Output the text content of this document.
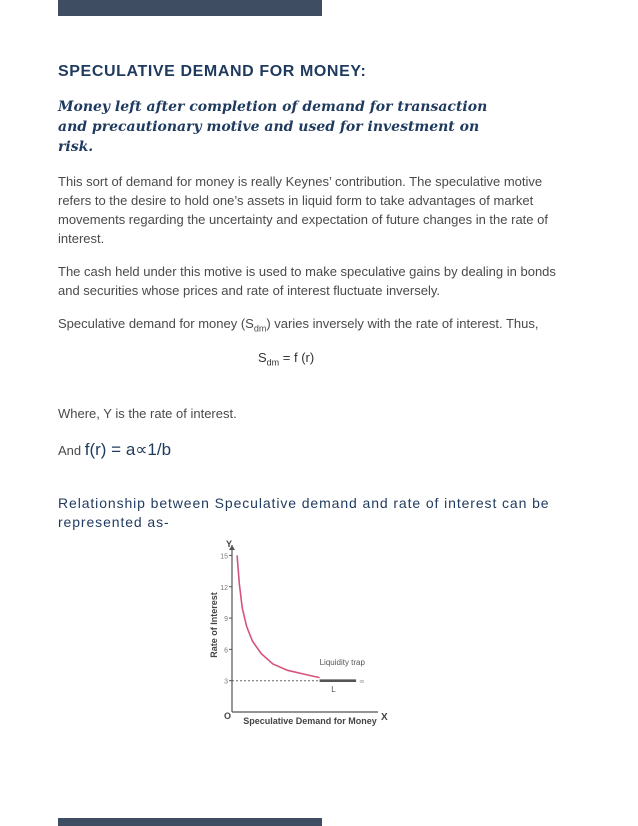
SPECULATIVE DEMAND FOR MONEY:

Money left after completion of demand for transaction and precautionary motive and used for investment on risk.

This sort of demand for money is really Keynes’ contribution. The speculative motive refers to the desire to hold one’s assets in liquid form to take advantages of market movements regarding the uncertainty and expectation of future changes in the rate of interest.

The cash held under this motive is used to make speculative gains by dealing in bonds and securities whose prices and rate of interest fluctuate inversely.

Speculative demand for money $(S_{dm})$ varies inversely with the rate of interest. Thus,

$S_{dm} = f$ (r)

Where, Y is the rate of interest.

And f(r) = a∝1/b

Relationship between Speculative demand and rate of interest can be represented as-

3
6
9
12
15
∞
Liquidity trap
L
Rate of Interest
Speculative Demand for Money
Y
X
O
